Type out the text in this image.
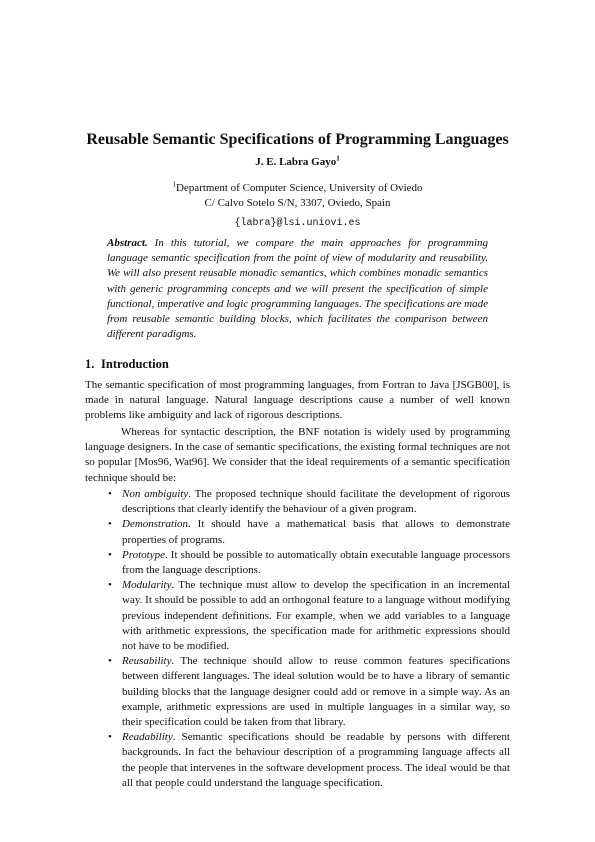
Reusable Semantic Specifications of Programming Languages
J. E. Labra Gayo$^1$
$^1$Department of Computer Science, University of Oviedo
C/ Calvo Sotelo S/N, 3307, Oviedo, Spain
{labra}@lsi.uniovi.es

Abstract. In this tutorial, we compare the main approaches for programming language semantic specification from the point of view of modularity and reusability. We will also present reusable monadic semantics, which combines monadic semantics with generic programming concepts and we will present the specification of simple functional, imperative and logic programming languages. The specifications are made from reusable semantic building blocks, which facilitates the comparison between different paradigms.

1. Introduction

The semantic specification of most programming languages, from Fortran to Java [JSGB00], is made in natural language. Natural language descriptions cause a number of well known problems like ambiguity and lack of rigorous descriptions.

Whereas for syntactic description, the BNF notation is widely used by programming language designers. In the case of semantic specifications, the existing formal techniques are not so popular [Mos96, Wat96]. We consider that the ideal requirements of a semantic specification technique should be:

• Non ambiguity. The proposed technique should facilitate the development of rigorous descriptions that clearly identify the behaviour of a given program.
• Demonstration. It should have a mathematical basis that allows to demonstrate properties of programs.
• Prototype. It should be possible to automatically obtain executable language processors from the language descriptions.
• Modularity. The technique must allow to develop the specification in an incremental way. It should be possible to add an orthogonal feature to a language without modifying previous independent definitions. For example, when we add variables to a language with arithmetic expressions, the specification made for arithmetic expressions should not have to be modified.
• Reusability. The technique should allow to reuse common features specifications between different languages. The ideal solution would be to have a library of semantic building blocks that the language designer could add or remove in a simple way. As an example, arithmetic expressions are used in multiple languages in a similar way, so their specification could be taken from that library.
• Readability. Semantic specifications should be readable by persons with different backgrounds. In fact the behaviour description of a programming language affects all the people that intervenes in the software development process. The ideal would be that all that people could understand the language specification.
